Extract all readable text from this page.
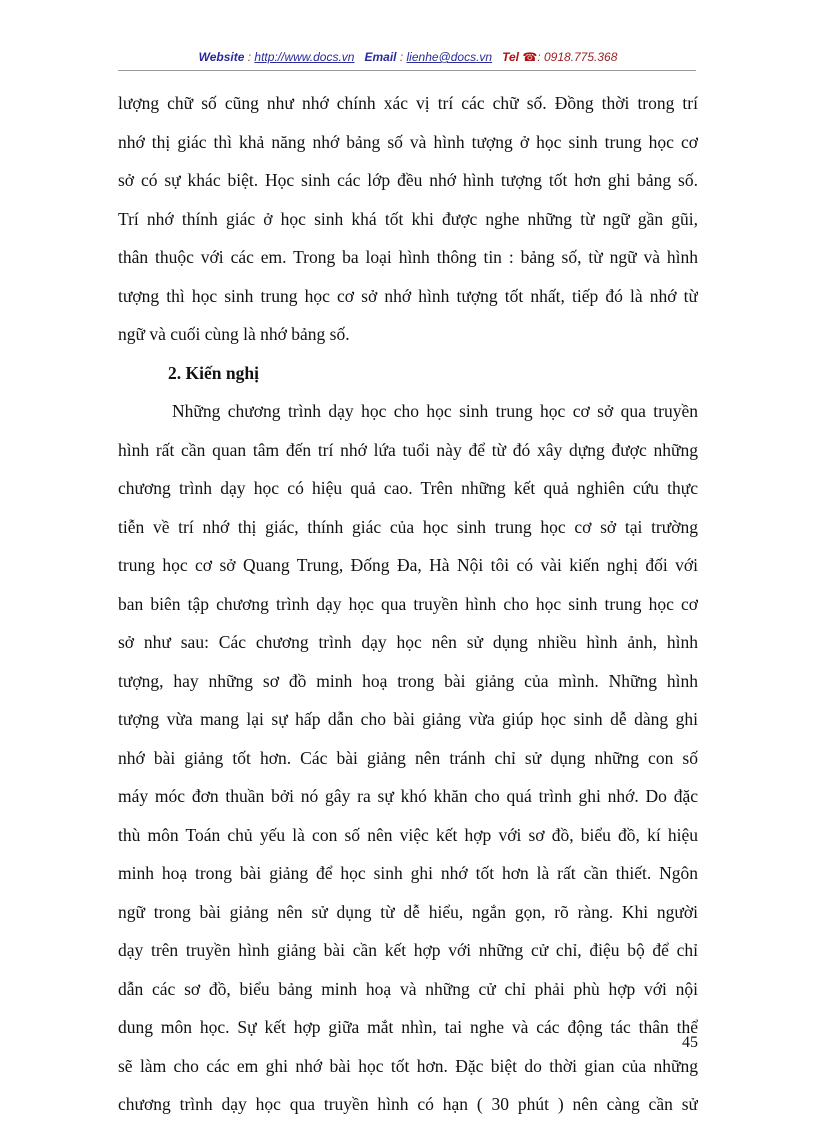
Website : http://www.docs.vn Email : lienhe@docs.vn Tel ☎: 0918.775.368
lượng chữ số cũng như nhớ chính xác vị trí các chữ số. Đồng thời trong trí
nhớ thị giác thì khả năng nhớ bảng số và hình tượng ở học sinh trung học cơ
sở có sự khác biệt. Học sinh các lớp đều nhớ hình tượng tốt hơn ghi bảng số.
Trí nhớ thính giác ở học sinh khá tốt khi được nghe những từ ngữ gần gũi,
thân thuộc với các em. Trong ba loại hình thông tin : bảng số, từ ngữ và hình
tượng thì học sinh trung học cơ sở nhớ hình tượng tốt nhất, tiếp đó là nhớ từ
ngữ và cuối cùng là nhớ bảng số.
2. Kiến nghị
Những chương trình dạy học cho học sinh trung học cơ sở qua truyền
hình rất cần quan tâm đến trí nhớ lứa tuổi này để từ đó xây dựng được những
chương trình dạy học có hiệu quả cao. Trên những kết quả nghiên cứu thực
tiễn về trí nhớ thị giác, thính giác của học sinh trung học cơ sở tại trường
trung học cơ sở Quang Trung, Đống Đa, Hà Nội tôi có vài kiến nghị đối với
ban biên tập chương trình dạy học qua truyền hình cho học sinh trung học cơ
sở như sau: Các chương trình dạy học nên sử dụng nhiều hình ảnh, hình
tượng, hay những sơ đồ minh hoạ trong bài giảng của mình. Những hình
tượng vừa mang lại sự hấp dẫn cho bài giảng vừa giúp học sinh dễ dàng ghi
nhớ bài giảng tốt hơn. Các bài giảng nên tránh chỉ sử dụng những con số
máy móc đơn thuần bởi nó gây ra sự khó khăn cho quá trình ghi nhớ. Do đặc
thù môn Toán chủ yếu là con số nên việc kết hợp với sơ đồ, biểu đồ, kí hiệu
minh hoạ trong bài giảng để học sinh ghi nhớ tốt hơn là rất cần thiết. Ngôn
ngữ trong bài giảng nên sử dụng từ dễ hiểu, ngắn gọn, rõ ràng. Khi người
dạy trên truyền hình giảng bài cần kết hợp với những cử chỉ, điệu bộ để chỉ
dẫn các sơ đồ, biểu bảng minh hoạ và những cử chỉ phải phù hợp với nội
dung môn học. Sự kết hợp giữa mắt nhìn, tai nghe và các động tác thân thể
sẽ làm cho các em ghi nhớ bài học tốt hơn. Đặc biệt do thời gian của những
chương trình dạy học qua truyền hình có hạn ( 30 phút ) nên càng cần sử
45
